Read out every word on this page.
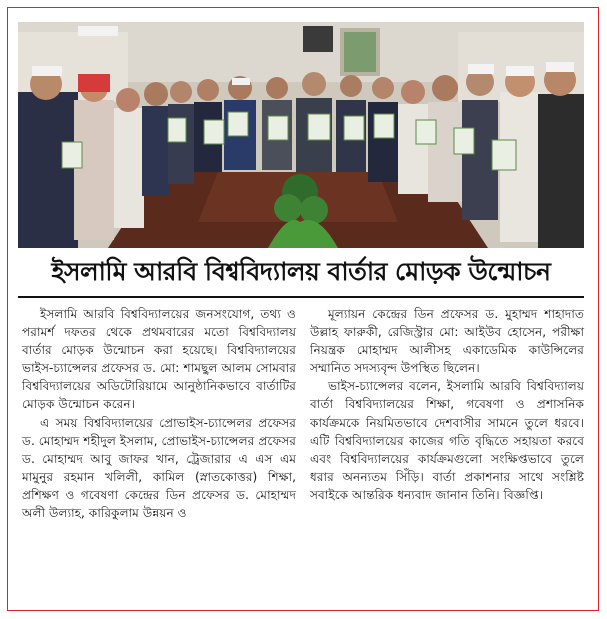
ইসলামি আরবি বিশ্ববিদ্যালয় বার্তার মোড়ক উন্মোচন

ইসলামি আরবি বিশ্ববিদ্যালয়ের জনসংযোগ, তথ্য ও পরামর্শ দফতর থেকে প্রথমবারের মতো বিশ্ববিদ্যালয় বার্তার মোড়ক উন্মোচন করা হয়েছে। বিশ্ববিদ্যালয়ের ভাইস-চ্যান্সেলর প্রফেসর ড. মো: শামছুল আলম সোমবার বিশ্ববিদ্যালয়ের অডিটোরিয়ামে আনুষ্ঠানিকভাবে বার্তাটির মোড়ক উন্মোচন করেন।

এ সময় বিশ্ববিদ্যালয়ের প্রোভাইস-চ্যান্সেলর প্রফেসর ড. মোহাম্মদ শহীদুল ইসলাম, প্রোভাইস-চ্যান্সেলর প্রফেসর ড. মোহাম্মদ আবু জাফর খান, ট্রেজারার এ এস এম মামুনুর রহমান খলিলী, কামিল (স্নাতকোত্তর) শিক্ষা, প্রশিক্ষণ ও গবেষণা কেন্দ্রের ডিন প্রফেসর ড. মোহাম্মদ অলী উল্যাহ, কারিকুলাম উন্নয়ন ও

মূল্যায়ন কেন্দ্রের ডিন প্রফেসর ড. মুহাম্মদ শাহাদাত উল্লাহ ফারুকী, রেজিস্ট্রার মো: আইউব হোসেন, পরীক্ষা নিয়ন্ত্রক মোহাম্মদ আলীসহ একাডেমিক কাউন্সিলের সম্মানিত সদস্যবৃন্দ উপস্থিত ছিলেন।

ভাইস-চ্যান্সেলর বলেন, ইসলামি আরবি বিশ্ববিদ্যালয় বার্তা বিশ্ববিদ্যালয়ের শিক্ষা, গবেষণা ও প্রশাসনিক কার্যক্রমকে নিয়মিতভাবে দেশবাসীর সামনে তুলে ধরবে। এটি বিশ্ববিদ্যালয়ের কাজের গতি বৃদ্ধিতে সহায়তা করবে এবং বিশ্ববিদ্যালয়ের কার্যক্রমগুলো সংক্ষিপ্তভাবে তুলে ধরার অনন্যতম সিঁড়ি। বার্তা প্রকাশনার সাথে সংশ্লিষ্ট সবাইকে আন্তরিক ধন্যবাদ জানান তিনি। বিজ্ঞপ্তি।
